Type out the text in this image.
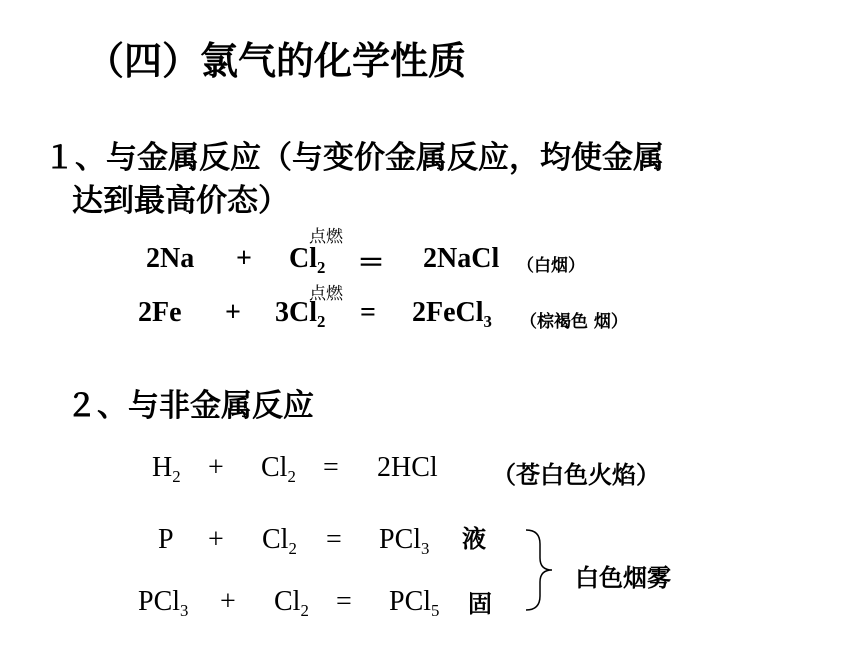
（四）氯气的化学性质
１、与金属反应（与变价金属反应，均使金属
达到最高价态）
点燃
$2Na + Cl_2$ ＝ 2NaCl （白烟）
点燃
$2Fe + 3Cl_2$ = 2FeCl$_3$ （棕褐色 烟）
２、与非金属反应
$H_2 + Cl_2 = 2HCl$ （苍白色火焰）
$P + Cl_2 = PCl_3$ 液
$PCl_3 + Cl_2 = PCl_5$ 固
白色烟雾
